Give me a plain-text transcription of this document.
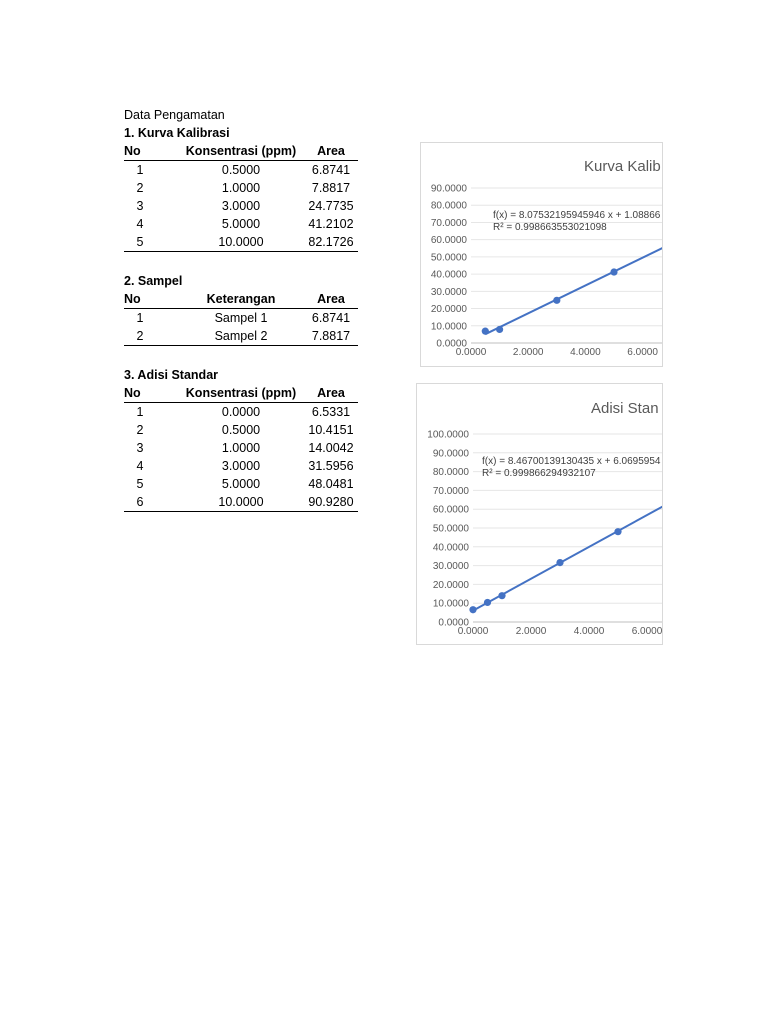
Data Pengamatan
1. Kurva Kalibrasi
No	Konsentrasi (ppm)	Area
1	0.5000	6.8741
2	1.0000	7.8817
3	3.0000	24.7735
4	5.0000	41.2102
5	10.0000	82.1726
2. Sampel
No	Keterangan	Area
1	Sampel 1	6.8741
2	Sampel 2	7.8817
3. Adisi Standar
No	Konsentrasi (ppm)	Area
1	0.0000	6.5331
2	0.5000	10.4151
3	1.0000	14.0042
4	3.0000	31.5956
5	5.0000	48.0481
6	10.0000	90.9280
Kurva Kalib
0.0000
10.0000
20.0000
30.0000
40.0000
50.0000
60.0000
70.0000
80.0000
90.0000
0.0000	2.0000	4.0000	6.0000
f(x) = 8.07532195945946 x + 1.08866
R² = 0.998663553021098
Adisi Stan
0.0000
10.0000
20.0000
30.0000
40.0000
50.0000
60.0000
70.0000
80.0000
90.0000
100.0000
0.0000	2.0000	4.0000	6.0000
f(x) = 8.46700139130435 x + 6.0695954
R² = 0.999866294932107
